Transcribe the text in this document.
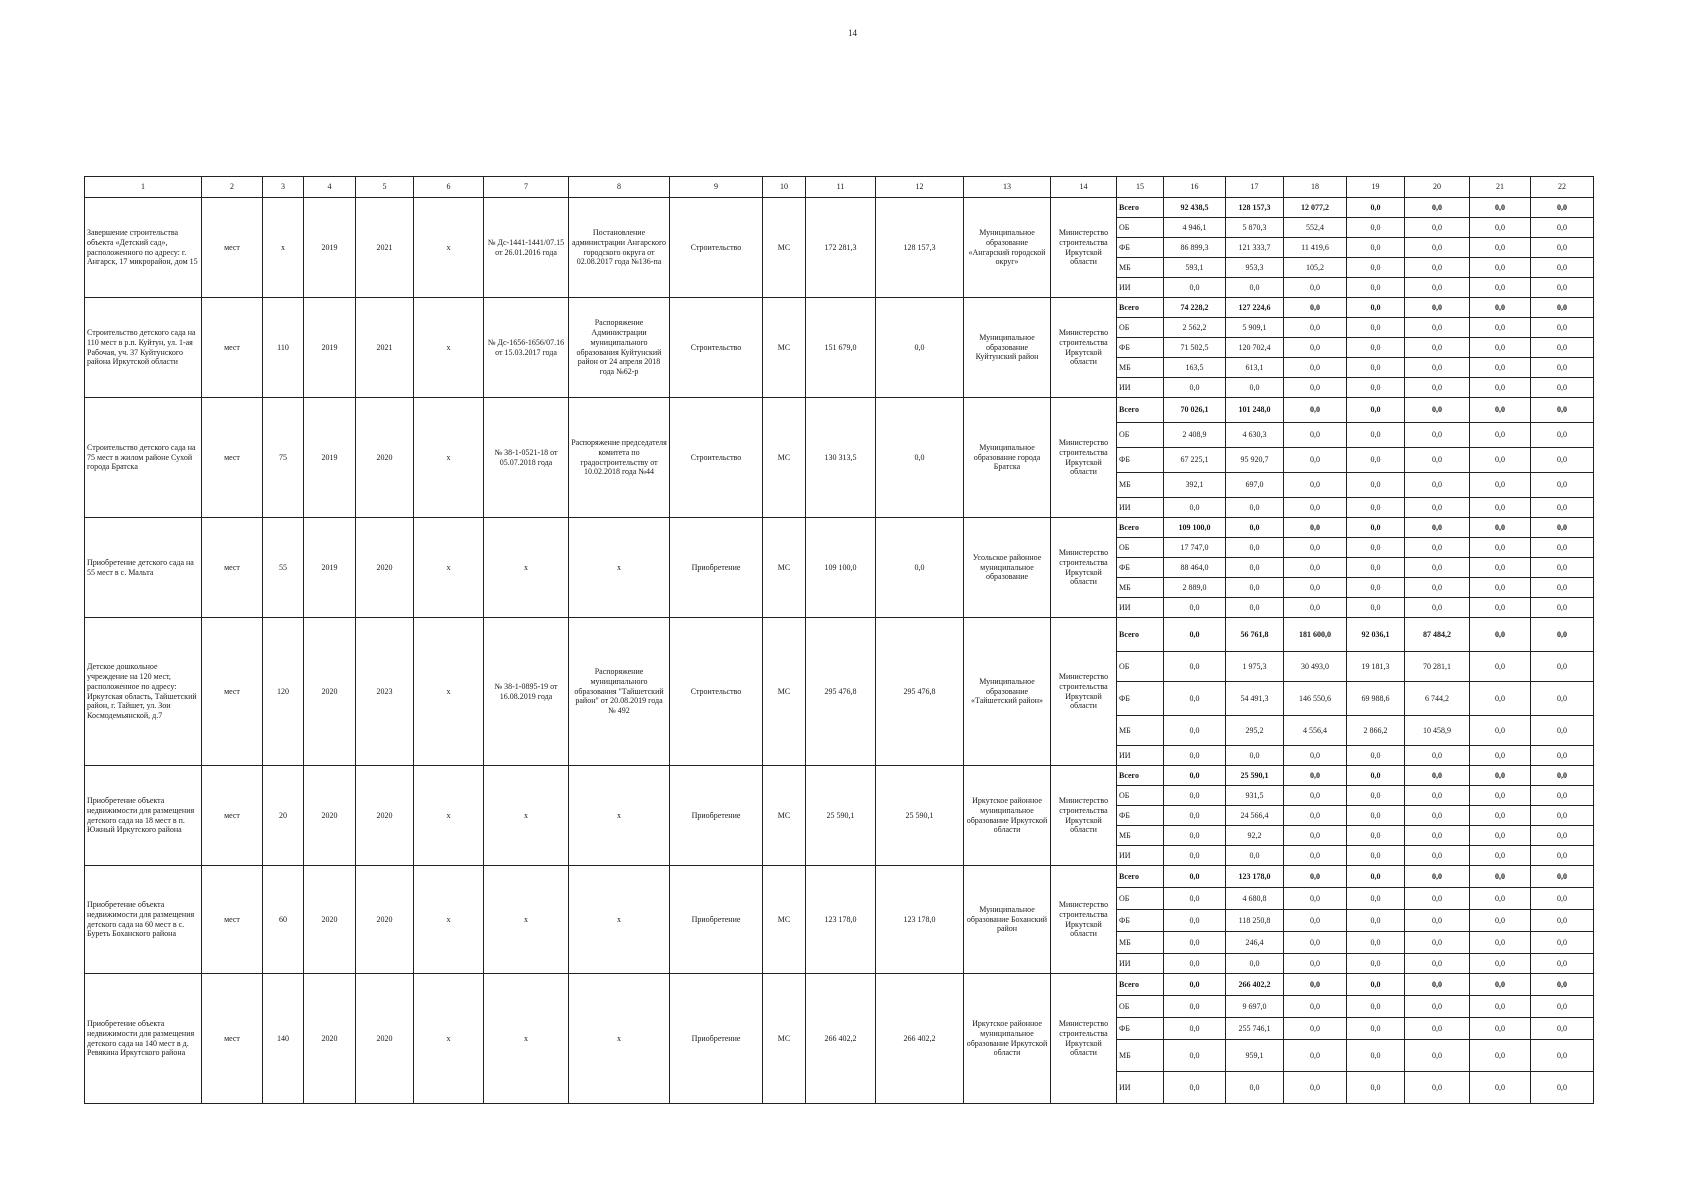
14
1	2	3	4	5	6	7	8	9	10	11	12	13	14	15	16	17	18	19	20	21	22
Завершение строительства объекта «Детский сад», расположенного по адресу: г. Ангарск, 17 микрорайон, дом 15	мест	х	2019	2021	х	№ Дс-1441-1441/07.15 от 26.01.2016 года	Постановление администрации Ангарского городского округа от 02.08.2017 года №136-па	Строительство	МС	172 281,3	128 157,3	Муниципальное образование «Ангарский городской округ»	Министерство строительства Иркутской области	Всего	92 438,5	128 157,3	12 077,2	0,0	0,0	0,0	0,0
														ОБ	4 946,1	5 870,3	552,4	0,0	0,0	0,0	0,0
														ФБ	86 899,3	121 333,7	11 419,6	0,0	0,0	0,0	0,0
														МБ	593,1	953,3	105,2	0,0	0,0	0,0	0,0
														ИИ	0,0	0,0	0,0	0,0	0,0	0,0	0,0
Строительство детского сада на 110 мест в р.п. Куйтун, ул. 1-ая Рабочая, уч. 37 Куйтунского района Иркутской области	мест	110	2019	2021	х	№ Дс-1656-1656/07.16 от 15.03.2017 года	Распоряжение Администрации муниципального образования Куйтунский район от 24 апреля 2018 года №62-р	Строительство	МС	151 679,0	0,0	Муниципальное образование Куйтунский район	Министерство строительства Иркутской области	Всего	74 228,2	127 224,6	0,0	0,0	0,0	0,0	0,0
														ОБ	2 562,2	5 909,1	0,0	0,0	0,0	0,0	0,0
														ФБ	71 502,5	120 702,4	0,0	0,0	0,0	0,0	0,0
														МБ	163,5	613,1	0,0	0,0	0,0	0,0	0,0
														ИИ	0,0	0,0	0,0	0,0	0,0	0,0	0,0
Строительство детского сада на 75 мест в жилом районе Сухой города Братска	мест	75	2019	2020	х	№ 38-1-0521-18 от 05.07.2018 года	Распоряжение председателя комитета по градостроительству от 10.02.2018 года №44	Строительство	МС	130 313,5	0,0	Муниципальное образование города Братска	Министерство строительства Иркутской области	Всего	70 026,1	101 248,0	0,0	0,0	0,0	0,0	0,0
														ОБ	2 408,9	4 630,3	0,0	0,0	0,0	0,0	0,0
														ФБ	67 225,1	95 920,7	0,0	0,0	0,0	0,0	0,0
														МБ	392,1	697,0	0,0	0,0	0,0	0,0	0,0
														ИИ	0,0	0,0	0,0	0,0	0,0	0,0	0,0
Приобретение детского сада на 55 мест в с. Мальта	мест	55	2019	2020	х	х	х	Приобретение	МС	109 100,0	0,0	Усольское районное муниципальное образование	Министерство строительства Иркутской области	Всего	109 100,0	0,0	0,0	0,0	0,0	0,0	0,0
														ОБ	17 747,0	0,0	0,0	0,0	0,0	0,0	0,0
														ФБ	88 464,0	0,0	0,0	0,0	0,0	0,0	0,0
														МБ	2 889,0	0,0	0,0	0,0	0,0	0,0	0,0
														ИИ	0,0	0,0	0,0	0,0	0,0	0,0	0,0
Детское дошкольное учреждение на 120 мест, расположенное по адресу: Иркутская область, Тайшетский район, г. Тайшет, ул. Зои Космодемьянской, д.7	мест	120	2020	2023	х	№ 38-1-0895-19 от 16.08.2019 года	Распоряжение муниципального образования "Тайшетский район" от 20.08.2019 года № 492	Строительство	МС	295 476,8	295 476,8	Муниципальное образование «Тайшетский район»	Министерство строительства Иркутской области	Всего	0,0	56 761,8	181 600,0	92 036,1	87 484,2	0,0	0,0
														ОБ	0,0	1 975,3	30 493,0	19 181,3	70 281,1	0,0	0,0
														ФБ	0,0	54 491,3	146 550,6	69 988,6	6 744,2	0,0	0,0
														МБ	0,0	295,2	4 556,4	2 866,2	10 458,9	0,0	0,0
														ИИ	0,0	0,0	0,0	0,0	0,0	0,0	0,0
Приобретение объекта недвижимости для размещения детского сада на 18 мест в п. Южный Иркутского района	мест	20	2020	2020	х	х	х	Приобретение	МС	25 590,1	25 590,1	Иркутское районное муниципальное образование Иркутской области	Министерство строительства Иркутской области	Всего	0,0	25 590,1	0,0	0,0	0,0	0,0	0,0
														ОБ	0,0	931,5	0,0	0,0	0,0	0,0	0,0
														ФБ	0,0	24 566,4	0,0	0,0	0,0	0,0	0,0
														МБ	0,0	92,2	0,0	0,0	0,0	0,0	0,0
														ИИ	0,0	0,0	0,0	0,0	0,0	0,0	0,0
Приобретение объекта недвижимости для размещения детского сада на 60 мест в с. Буреть Боханского района	мест	60	2020	2020	х	х	х	Приобретение	МС	123 178,0	123 178,0	Муниципальное образование Боханский район	Министерство строительства Иркутской области	Всего	0,0	123 178,0	0,0	0,0	0,0	0,0	0,0
														ОБ	0,0	4 680,8	0,0	0,0	0,0	0,0	0,0
														ФБ	0,0	118 250,8	0,0	0,0	0,0	0,0	0,0
														МБ	0,0	246,4	0,0	0,0	0,0	0,0	0,0
														ИИ	0,0	0,0	0,0	0,0	0,0	0,0	0,0
Приобретение объекта недвижимости для размещения детского сада на 140 мест в д. Ревякина Иркутского района	мест	140	2020	2020	х	х	х	Приобретение	МС	266 402,2	266 402,2	Иркутское районное муниципальное образование Иркутской области	Министерство строительства Иркутской области	Всего	0,0	266 402,2	0,0	0,0	0,0	0,0	0,0
														ОБ	0,0	9 697,0	0,0	0,0	0,0	0,0	0,0
														ФБ	0,0	255 746,1	0,0	0,0	0,0	0,0	0,0
														МБ	0,0	959,1	0,0	0,0	0,0	0,0	0,0
														ИИ	0,0	0,0	0,0	0,0	0,0	0,0	0,0
